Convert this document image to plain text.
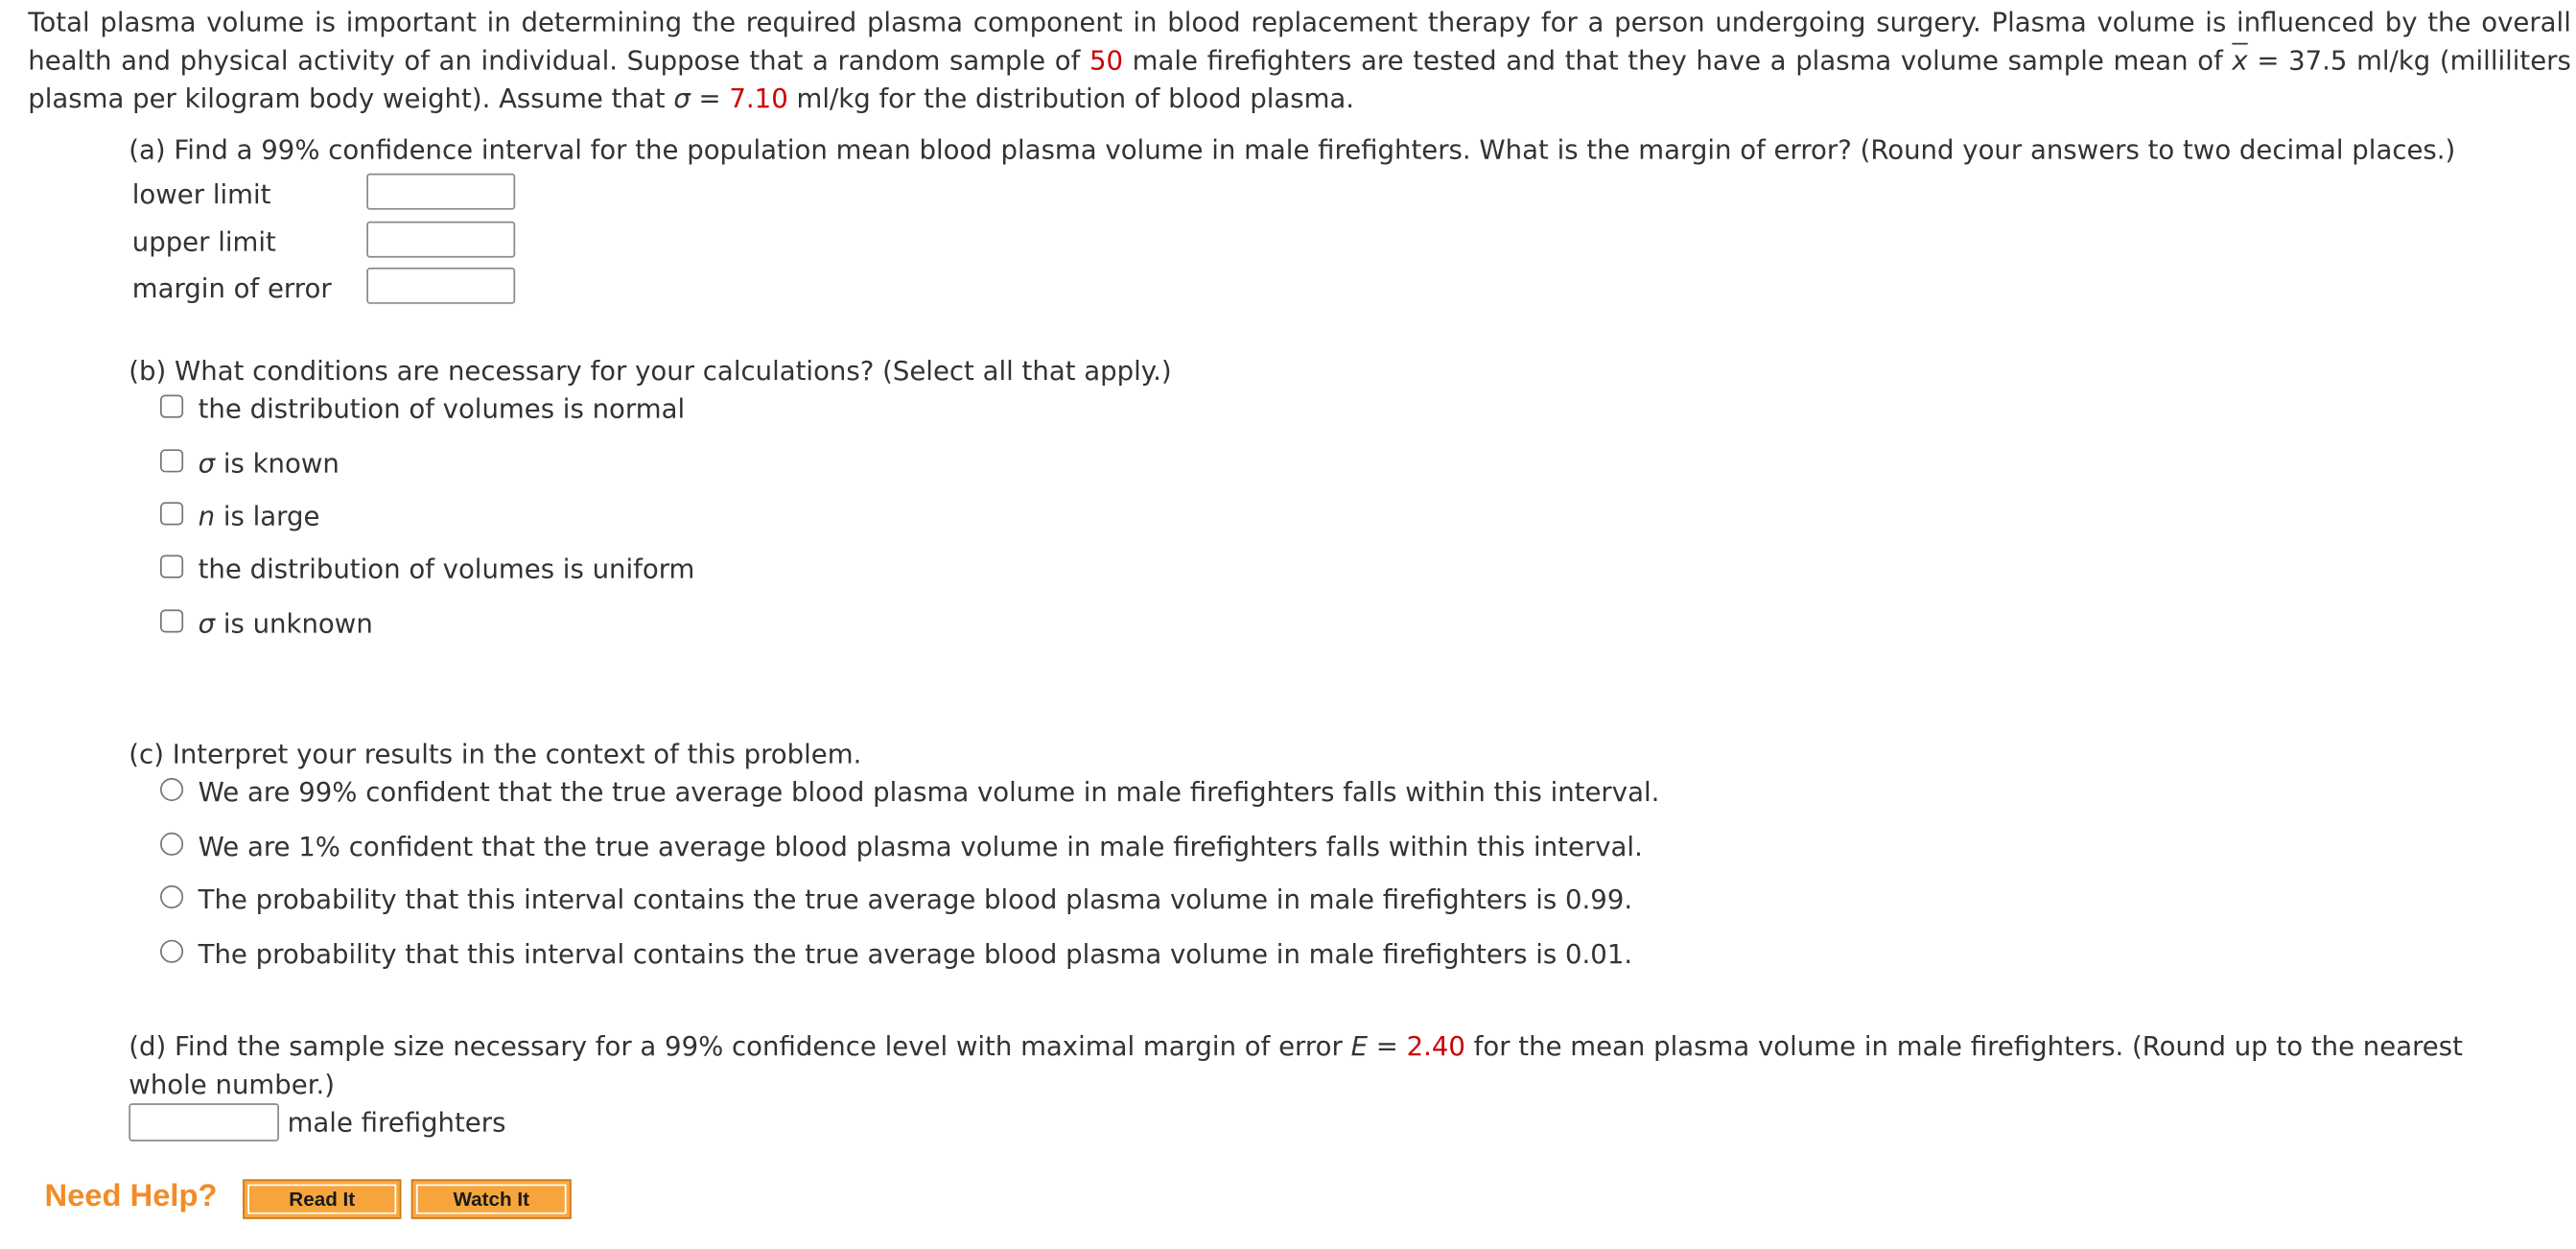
Total plasma volume is important in determining the required plasma component in blood replacement therapy for a person undergoing surgery. Plasma volume is influenced by the overall health and physical activity of an individual. Suppose that a random sample of 50 male firefighters are tested and that they have a plasma volume sample mean of $\overline{x} = 37.5$ ml/kg (milliliters plasma per kilogram body weight). Assume that σ = 7.10 ml/kg for the distribution of blood plasma.
(a) Find a 99% confidence interval for the population mean blood plasma volume in male firefighters. What is the margin of error? (Round your answers to two decimal places.)
lower limit
upper limit
margin of error
(b) What conditions are necessary for your calculations? (Select all that apply.)
the distribution of volumes is normal
σ is known
n is large
the distribution of volumes is uniform
σ is unknown
(c) Interpret your results in the context of this problem.
We are 99% confident that the true average blood plasma volume in male firefighters falls within this interval.
We are 1% confident that the true average blood plasma volume in male firefighters falls within this interval.
The probability that this interval contains the true average blood plasma volume in male firefighters is 0.99.
The probability that this interval contains the true average blood plasma volume in male firefighters is 0.01.
(d) Find the sample size necessary for a 99% confidence level with maximal margin of error E = 2.40 for the mean plasma volume in male firefighters. (Round up to the nearest whole number.)
male firefighters
Need Help?	Read It	Watch It
